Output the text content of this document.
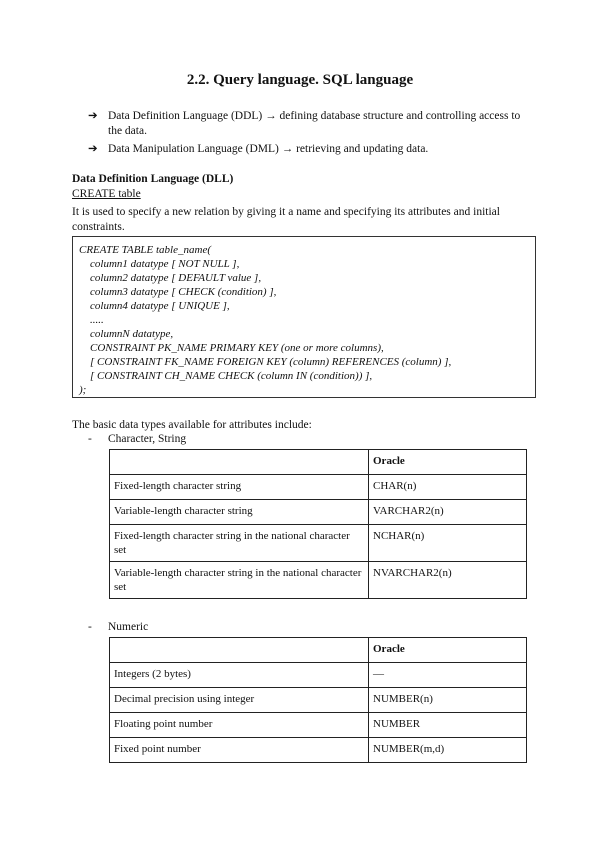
2.2. Query language. SQL language
➔ Data Definition Language (DDL) → defining database structure and controlling access to the data.
➔ Data Manipulation Language (DML) → retrieving and updating data.
Data Definition Language (DLL)
CREATE table
It is used to specify a new relation by giving it a name and specifying its attributes and initial constraints.
CREATE TABLE table_name(
column1 datatype [ NOT NULL ],
column2 datatype [ DEFAULT value ],
column3 datatype [ CHECK (condition) ],
column4 datatype [ UNIQUE ],
.....
columnN datatype,
CONSTRAINT PK_NAME PRIMARY KEY (one or more columns),
[ CONSTRAINT FK_NAME FOREIGN KEY (column) REFERENCES (column) ],
[ CONSTRAINT CH_NAME CHECK (column IN (condition)) ],
);
The basic data types available for attributes include:
-	Character, String
	Oracle
Fixed-length character string	CHAR(n)
Variable-length character string	VARCHAR2(n)
Fixed-length character string in the national character set	NCHAR(n)
Variable-length character string in the national character set	NVARCHAR2(n)
-	Numeric
	Oracle
Integers (2 bytes)	—
Decimal precision using integer	NUMBER(n)
Floating point number	NUMBER
Fixed point number	NUMBER(m,d)
